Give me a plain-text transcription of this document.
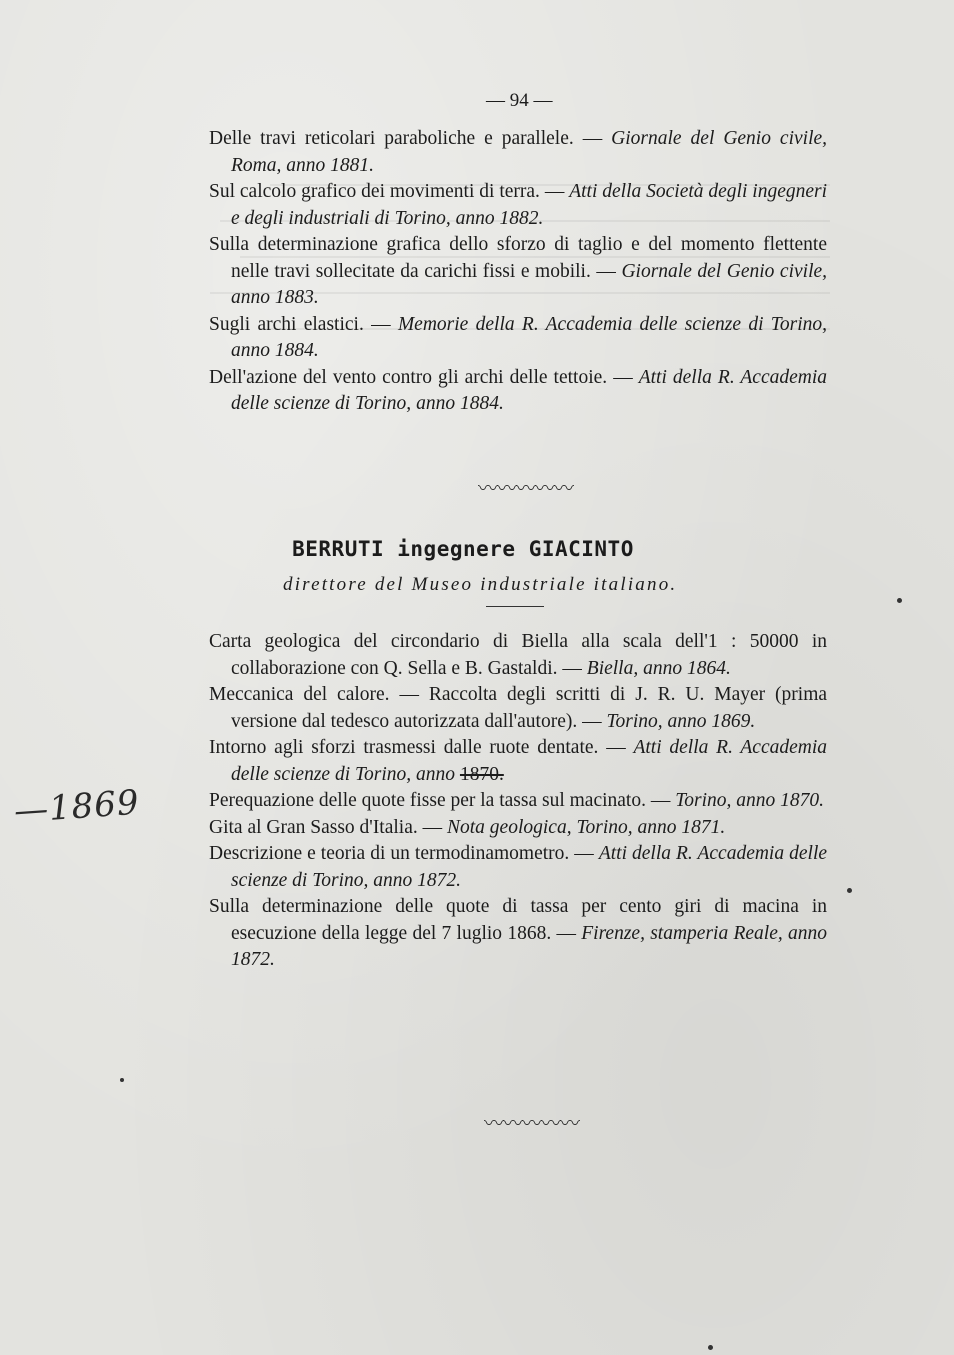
— 94 —

Delle travi reticolari paraboliche e parallele. — Giornale del Genio civile, Roma, anno 1881.

Sul calcolo grafico dei movimenti di terra. — Atti della Società degli ingegneri e degli industriali di Torino, anno 1882.

Sulla determinazione grafica dello sforzo di taglio e del momento flettente nelle travi sollecitate da carichi fissi e mobili. — Giornale del Genio civile, anno 1883.

Sugli archi elastici. — Memorie della R. Accademia delle scienze di Torino, anno 1884.

Dell'azione del vento contro gli archi delle tettoie. — Atti della R. Accademia delle scienze di Torino, anno 1884.

〰〰〰〰〰
BERRUTI ingegnere GIACINTO
direttore del Museo industriale italiano.

Carta geologica del circondario di Biella alla scala dell'1 : 50000 in collaborazione con Q. Sella e B. Gastaldi. — Biella, anno 1864.

Meccanica del calore. — Raccolta degli scritti di J. R. U. Mayer (prima versione dal tedesco autorizzata dall'autore). — Torino, anno 1869.

Intorno agli sforzi trasmessi dalle ruote dentate. — Atti della R. Accademia delle scienze di Torino, anno 1870.

Perequazione delle quote fisse per la tassa sul macinato. — Torino, anno 1870.

Gita al Gran Sasso d'Italia. — Nota geologica, Torino, anno 1871.

Descrizione e teoria di un termodinamometro. — Atti della R. Accademia delle scienze di Torino, anno 1872.

Sulla determinazione delle quote di tassa per cento giri di macina in esecuzione della legge del 7 luglio 1868. — Firenze, stamperia Reale, anno 1872.

〰〰〰〰〰
—1869
